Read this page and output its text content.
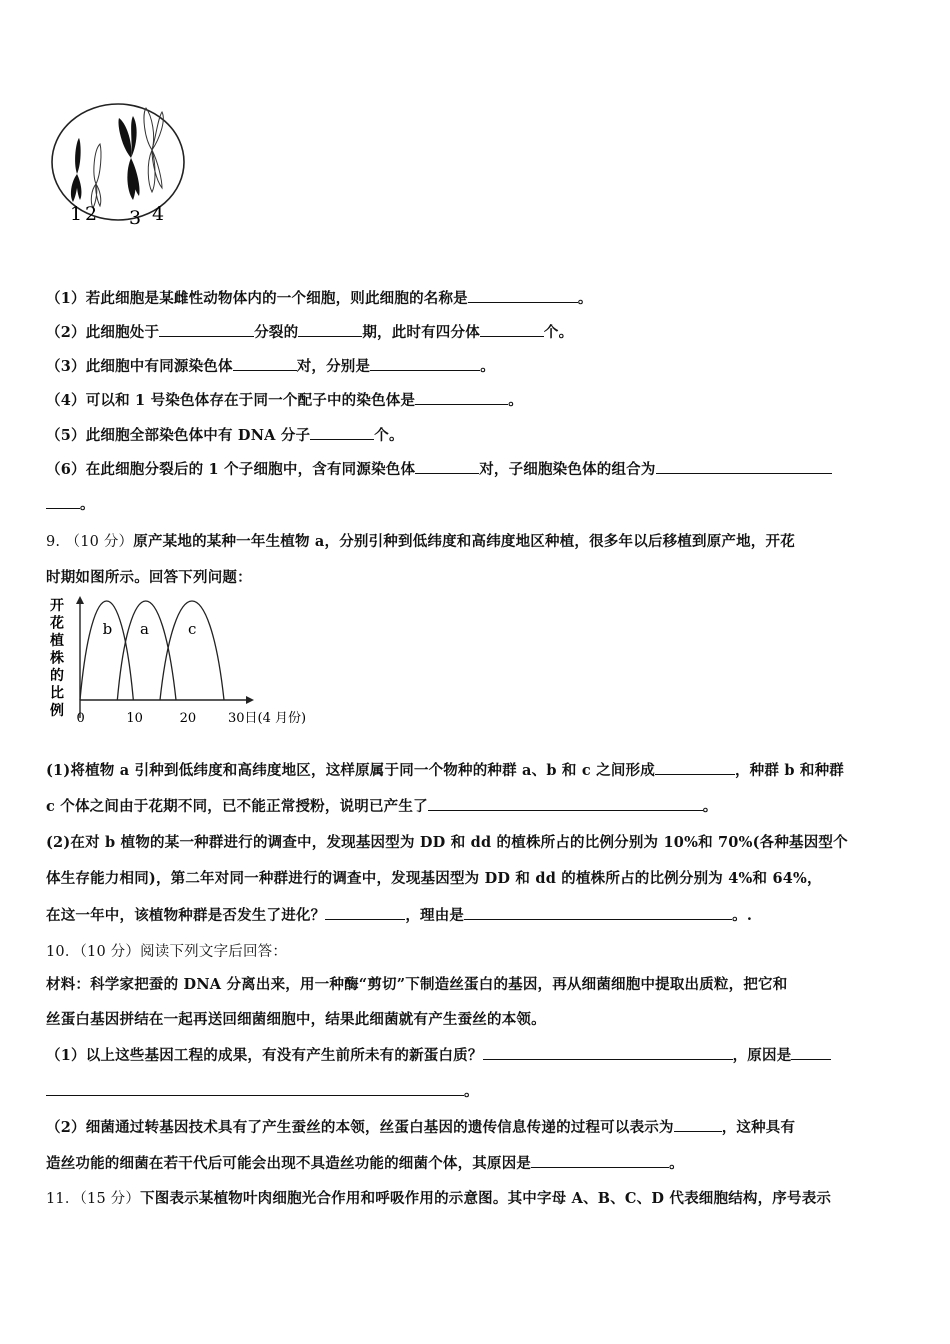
1 2 3 4
（1）若此细胞是某雌性动物体内的一个细胞，则此细胞的名称是	。
（2）此细胞处于	分裂的	期，此时有四分体	个。
（3）此细胞中有同源染色体	对，分别是	。
（4）可以和 1 号染色体存在于同一个配子中的染色体是	。
（5）此细胞全部染色体中有 DNA 分子	个。
（6）在此细胞分裂后的 1 个子细胞中，含有同源染色体	对，子细胞染色体的组合为
。
9. （10 分）原产某地的某种一年生植物 a，分别引种到低纬度和高纬度地区种植，很多年以后移植到原产地，开花
时期如图所示。回答下列问题：
开
花
植
株
的
比
例
b a	c
0	10	20 30日(4 月份)
(1)将植物 a 引种到低纬度和高纬度地区，这样原属于同一个物种的种群 a、b 和 c 之间形成	，种群 b 和种群
c 个体之间由于花期不同，已不能正常授粉，说明已产生了	。
(2)在对 b 植物的某一种群进行的调查中，发现基因型为 DD 和 dd 的植株所占的比例分别为 10%和 70%(各种基因型个
体生存能力相同)，第二年对同一种群进行的调查中，发现基因型为 DD 和 dd 的植株所占的比例分别为 4%和 64%，
在这一年中，该植物种群是否发生了进化？	，理由是	。.
10．（10 分）阅读下列文字后回答：
材料：科学家把蚕的 DNA 分离出来，用一种酶“剪切”下制造丝蛋白的基因，再从细菌细胞中提取出质粒，把它和
丝蛋白基因拼结在一起再送回细菌细胞中，结果此细菌就有产生蚕丝的本领。
（1）以上这些基因工程的成果，有没有产生前所未有的新蛋白质？	，原因是
。
（2）细菌通过转基因技术具有了产生蚕丝的本领，丝蛋白基因的遗传信息传递的过程可以表示为	，这种具有
造丝功能的细菌在若干代后可能会出现不具造丝功能的细菌个体，其原因是	。
11．（15 分）下图表示某植物叶肉细胞光合作用和呼吸作用的示意图。其中字母 A、B、C、D 代表细胞结构，序号表示
